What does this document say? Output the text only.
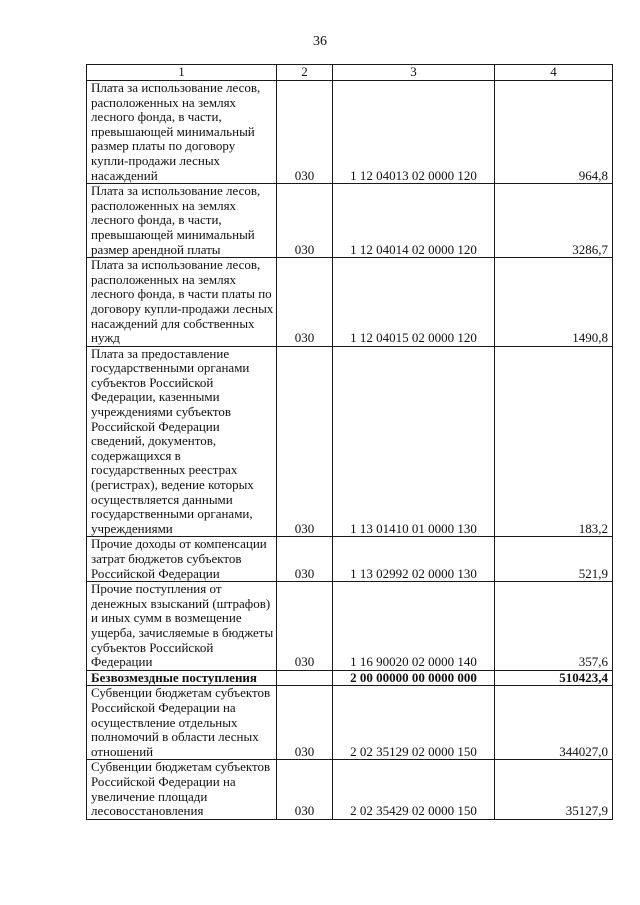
36
1	2	3	4
Плата за использование лесов, расположенных на землях лесного фонда, в части, превышающей минимальный размер платы по договору купли-продажи лесных насаждений	030	1 12 04013 02 0000 120	964,8
Плата за использование лесов, расположенных на землях лесного фонда, в части, превышающей минимальный размер арендной платы	030	1 12 04014 02 0000 120	3286,7
Плата за использование лесов, расположенных на землях лесного фонда, в части платы по договору купли-продажи лесных насаждений для собственных нужд	030	1 12 04015 02 0000 120	1490,8
Плата за предоставление государственными органами субъектов Российской Федерации, казенными учреждениями субъектов Российской Федерации сведений, документов, содержащихся в государственных реестрах (регистрах), ведение которых осуществляется данными государственными органами, учреждениями	030	1 13 01410 01 0000 130	183,2
Прочие доходы от компенсации затрат бюджетов субъектов Российской Федерации	030	1 13 02992 02 0000 130	521,9
Прочие поступления от денежных взысканий (штрафов) и иных сумм в возмещение ущерба, зачисляемые в бюджеты субъектов Российской Федерации	030	1 16 90020 02 0000 140	357,6
Безвозмездные поступления		2 00 00000 00 0000 000	510423,4
Субвенции бюджетам субъектов Российской Федерации на осуществление отдельных полномочий в области лесных отношений	030	2 02 35129 02 0000 150	344027,0
Субвенции бюджетам субъектов Российской Федерации на увеличение площади лесовосстановления	030	2 02 35429 02 0000 150	35127,9
